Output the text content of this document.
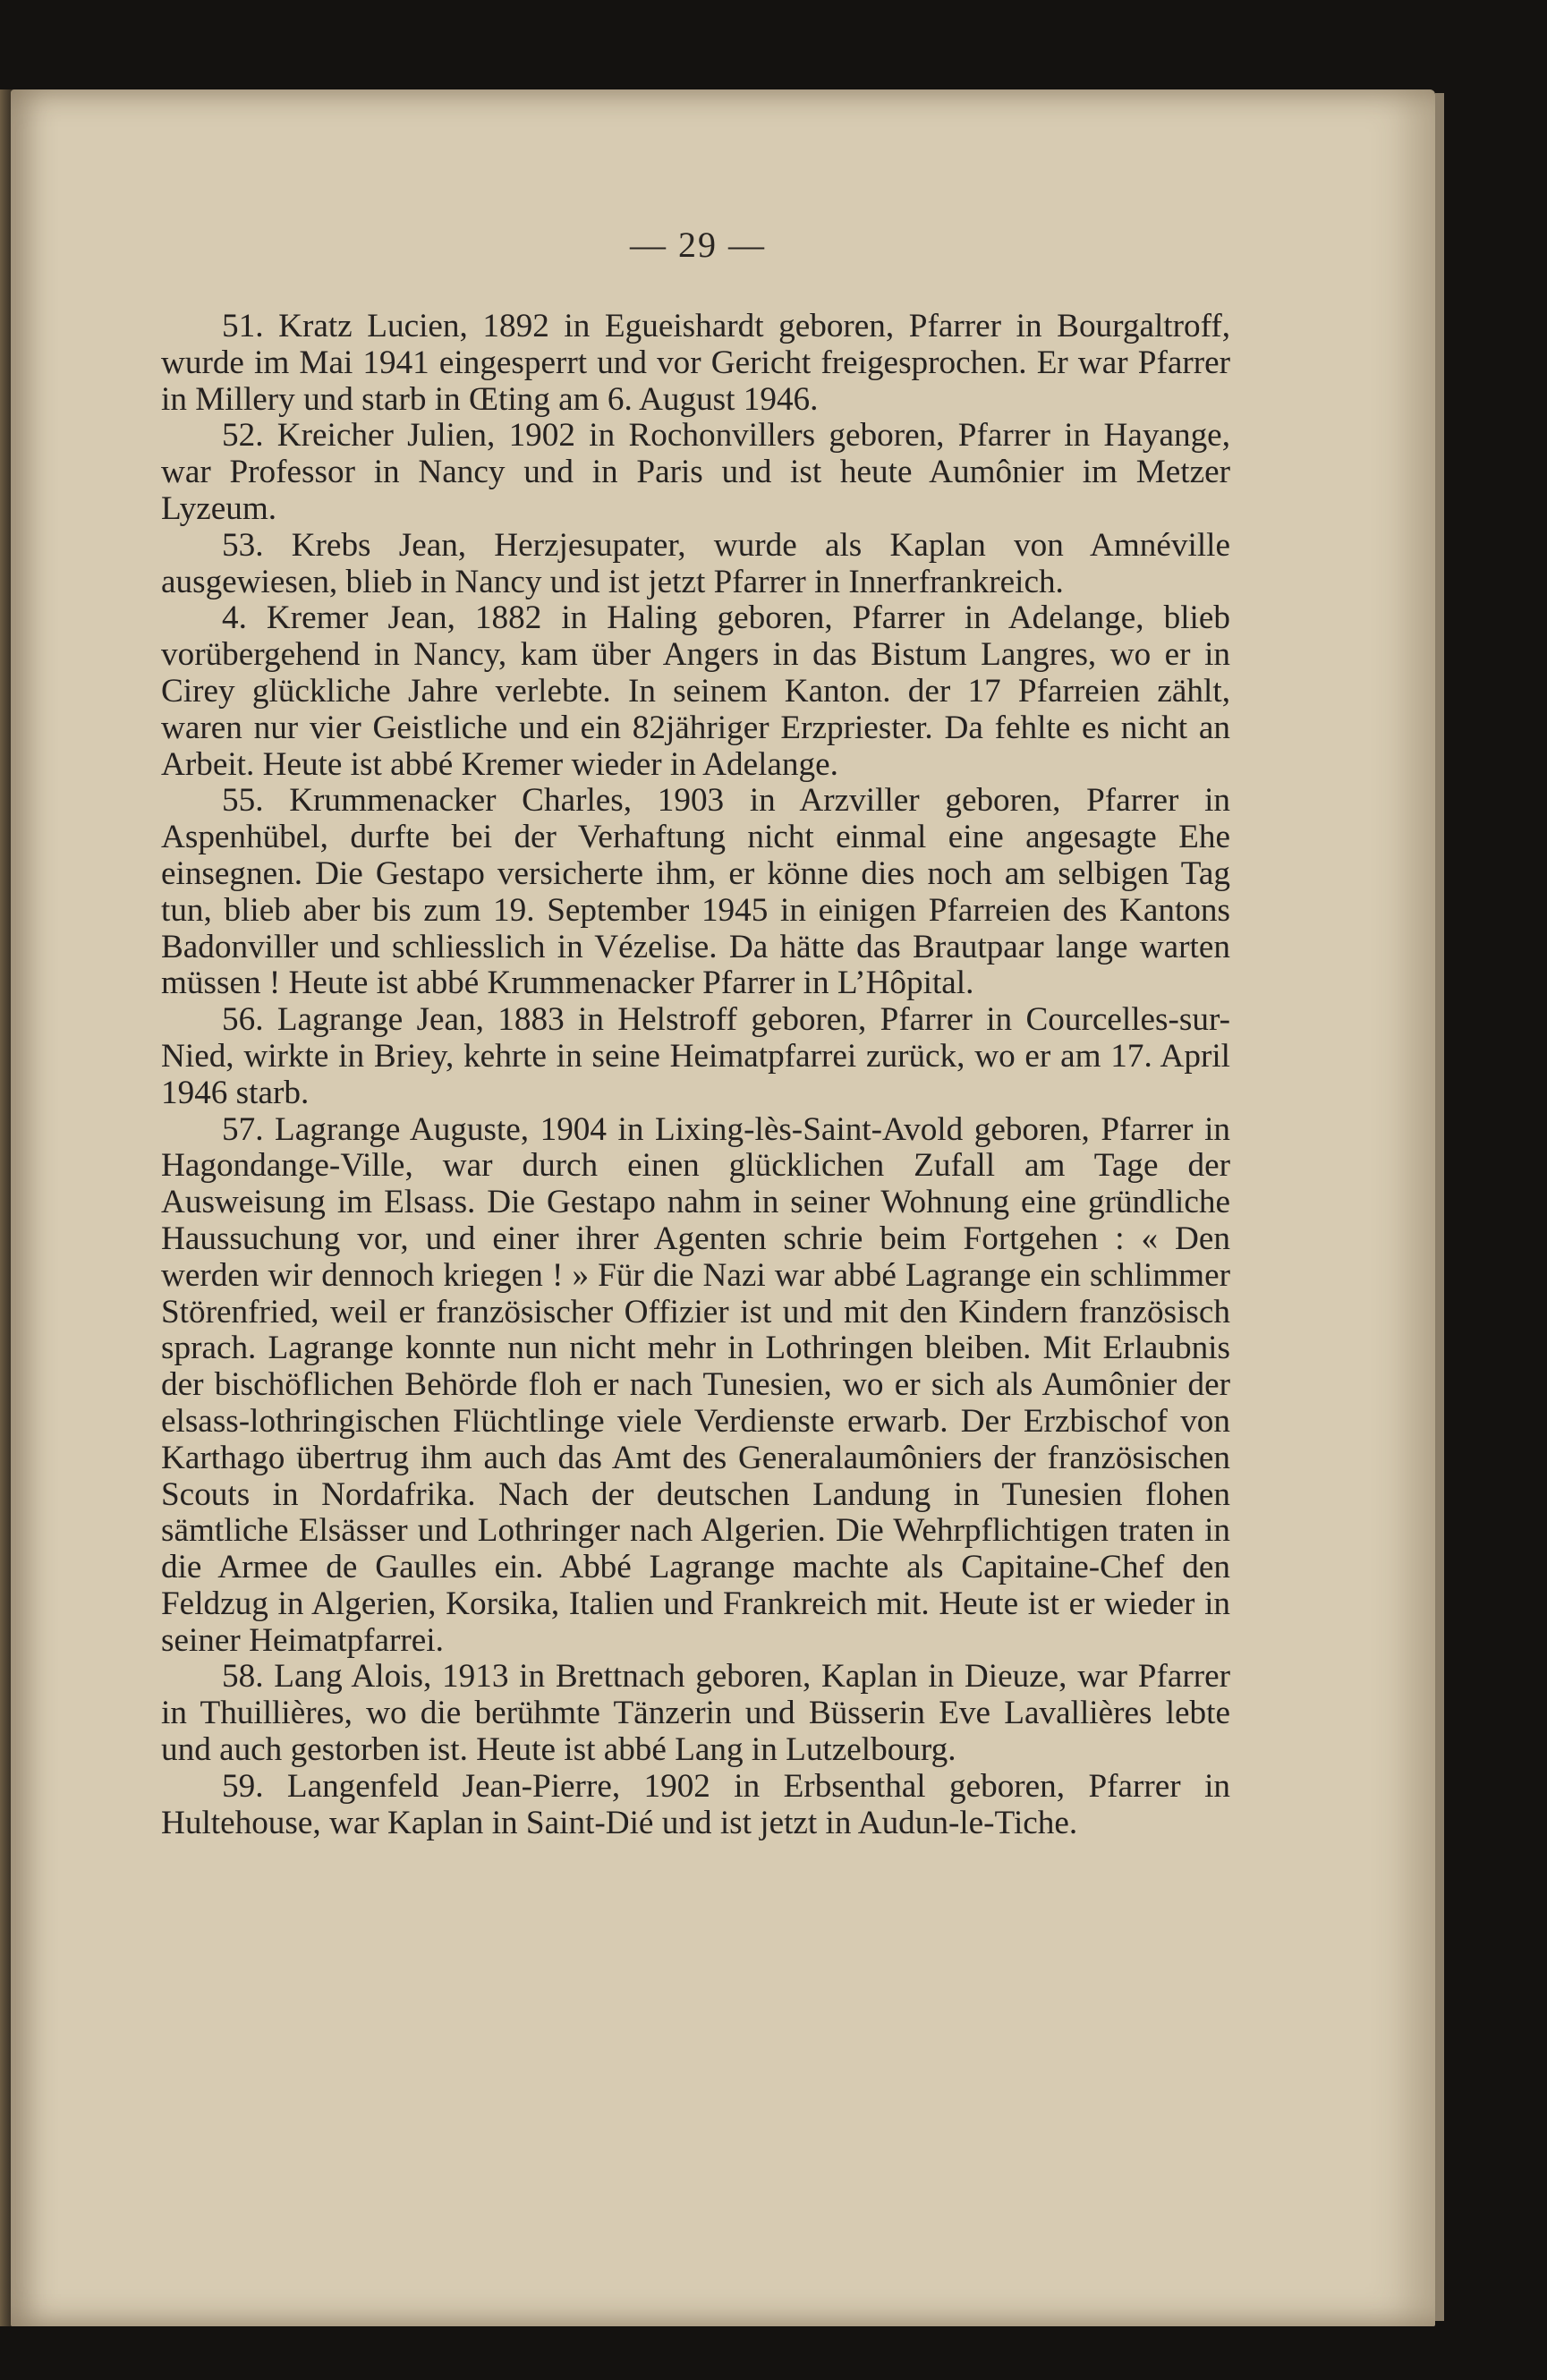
— 29 —

51. Kratz Lucien, 1892 in Egueishardt geboren, Pfarrer in Bourgaltroff, wurde im Mai 1941 eingesperrt und vor Gericht freigesprochen. Er war Pfarrer in Millery und starb in Œting am 6. August 1946.

52. Kreicher Julien, 1902 in Rochonvillers geboren, Pfarrer in Hayange, war Professor in Nancy und in Paris und ist heute Aumônier im Metzer Lyzeum.

53. Krebs Jean, Herzjesupater, wurde als Kaplan von Amnéville ausgewiesen, blieb in Nancy und ist jetzt Pfarrer in Innerfrankreich.

4. Kremer Jean, 1882 in Haling geboren, Pfarrer in Adelange, blieb vorübergehend in Nancy, kam über Angers in das Bistum Langres, wo er in Cirey glückliche Jahre verlebte. In seinem Kanton. der 17 Pfarreien zählt, waren nur vier Geistliche und ein 82jähriger Erzpriester. Da fehlte es nicht an Arbeit. Heute ist abbé Kremer wieder in Adelange.

55. Krummenacker Charles, 1903 in Arzviller geboren, Pfarrer in Aspenhübel, durfte bei der Verhaftung nicht einmal eine angesagte Ehe einsegnen. Die Gestapo versicherte ihm, er könne dies noch am selbigen Tag tun, blieb aber bis zum 19. September 1945 in einigen Pfarreien des Kantons Badonviller und schliesslich in Vézelise. Da hätte das Brautpaar lange warten müssen ! Heute ist abbé Krummenacker Pfarrer in L’Hôpital.

56. Lagrange Jean, 1883 in Helstroff geboren, Pfarrer in Courcelles-sur-Nied, wirkte in Briey, kehrte in seine Heimatpfarrei zurück, wo er am 17. April 1946 starb.

57. Lagrange Auguste, 1904 in Lixing-lès-Saint-Avold geboren, Pfarrer in Hagondange-Ville, war durch einen glücklichen Zufall am Tage der Ausweisung im Elsass. Die Gestapo nahm in seiner Wohnung eine gründliche Haussuchung vor, und einer ihrer Agenten schrie beim Fortgehen : « Den werden wir dennoch kriegen ! » Für die Nazi war abbé Lagrange ein schlimmer Störenfried, weil er französischer Offizier ist und mit den Kindern französisch sprach. Lagrange konnte nun nicht mehr in Lothringen bleiben. Mit Erlaubnis der bischöflichen Behörde floh er nach Tunesien, wo er sich als Aumônier der elsass-lothringischen Flüchtlinge viele Verdienste erwarb. Der Erzbischof von Karthago übertrug ihm auch das Amt des Generalaumôniers der französischen Scouts in Nordafrika. Nach der deutschen Landung in Tunesien flohen sämtliche Elsässer und Lothringer nach Algerien. Die Wehrpflichtigen traten in die Armee de Gaulles ein. Abbé Lagrange machte als Capitaine-Chef den Feldzug in Algerien, Korsika, Italien und Frankreich mit. Heute ist er wieder in seiner Heimatpfarrei.

58. Lang Alois, 1913 in Brettnach geboren, Kaplan in Dieuze, war Pfarrer in Thuillières, wo die berühmte Tänzerin und Büsserin Eve Lavallières lebte und auch gestorben ist. Heute ist abbé Lang in Lutzelbourg.

59. Langenfeld Jean-Pierre, 1902 in Erbsenthal geboren, Pfarrer in Hultehouse, war Kaplan in Saint-Dié und ist jetzt in Audun-le-Tiche.
